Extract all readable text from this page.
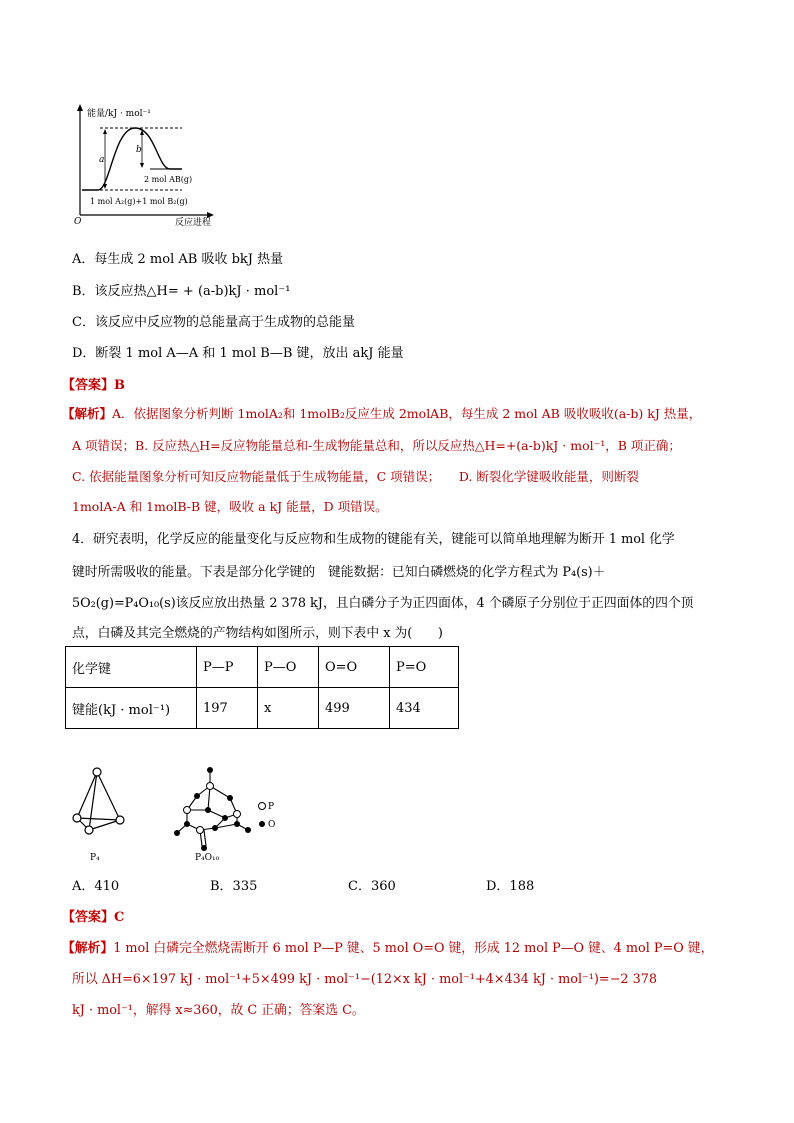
能量/kJ · mol⁻¹
反应进程
O
a
b
2 mol AB(g)
1 mol A₂(g)+1 mol B₂(g)
A．每生成 2 mol AB 吸收 bkJ 热量
B．该反应热△H= + (a-b)kJ · mol⁻¹
C．该反应中反应物的总能量高于生成物的总能量
D．断裂 1 mol A—A 和 1 mol B—B 键，放出 akJ 能量
【答案】B
【解析】A．依据图象分析判断 1molA₂和 1molB₂反应生成 2molAB，每生成 2 mol AB 吸收吸收(a-b) kJ 热量，
A 项错误；B. 反应热△H=反应物能量总和-生成物能量总和，所以反应热△H=+(a-b)kJ · mol⁻¹，B 项正确；
C. 依据能量图象分析可知反应物能量低于生成物能量，C 项错误；　　D. 断裂化学键吸收能量，则断裂
1molA-A 和 1molB-B 键，吸收 a kJ 能量，D 项错误。
4．研究表明，化学反应的能量变化与反应物和生成物的键能有关，键能可以简单地理解为断开 1 mol 化学
键时所需吸收的能量。下表是部分化学键的　键能数据：已知白磷燃烧的化学方程式为 P₄(s)＋
5O₂(g)=P₄O₁₀(s)该反应放出热量 2 378 kJ，且白磷分子为正四面体，4 个磷原子分别位于正四面体的四个顶
点，白磷及其完全燃烧的产物结构如图所示，则下表中 x 为(　　)
化学键	P—P	P—O	O=O	P=O
键能(kJ · mol⁻¹)	197	x	499	434
P₄	P₄O₁₀
P
O
A．410	B．335	C．360	D．188
【答案】C
【解析】1 mol 白磷完全燃烧需断开 6 mol P—P 键、5 mol O=O 键，形成 12 mol P—O 键、4 mol P=O 键，
所以 ΔH=6×197 kJ · mol⁻¹+5×499 kJ · mol⁻¹−(12×x kJ · mol⁻¹+4×434 kJ · mol⁻¹)=−2 378
kJ · mol⁻¹，解得 x≈360，故 C 正确；答案选 C。
